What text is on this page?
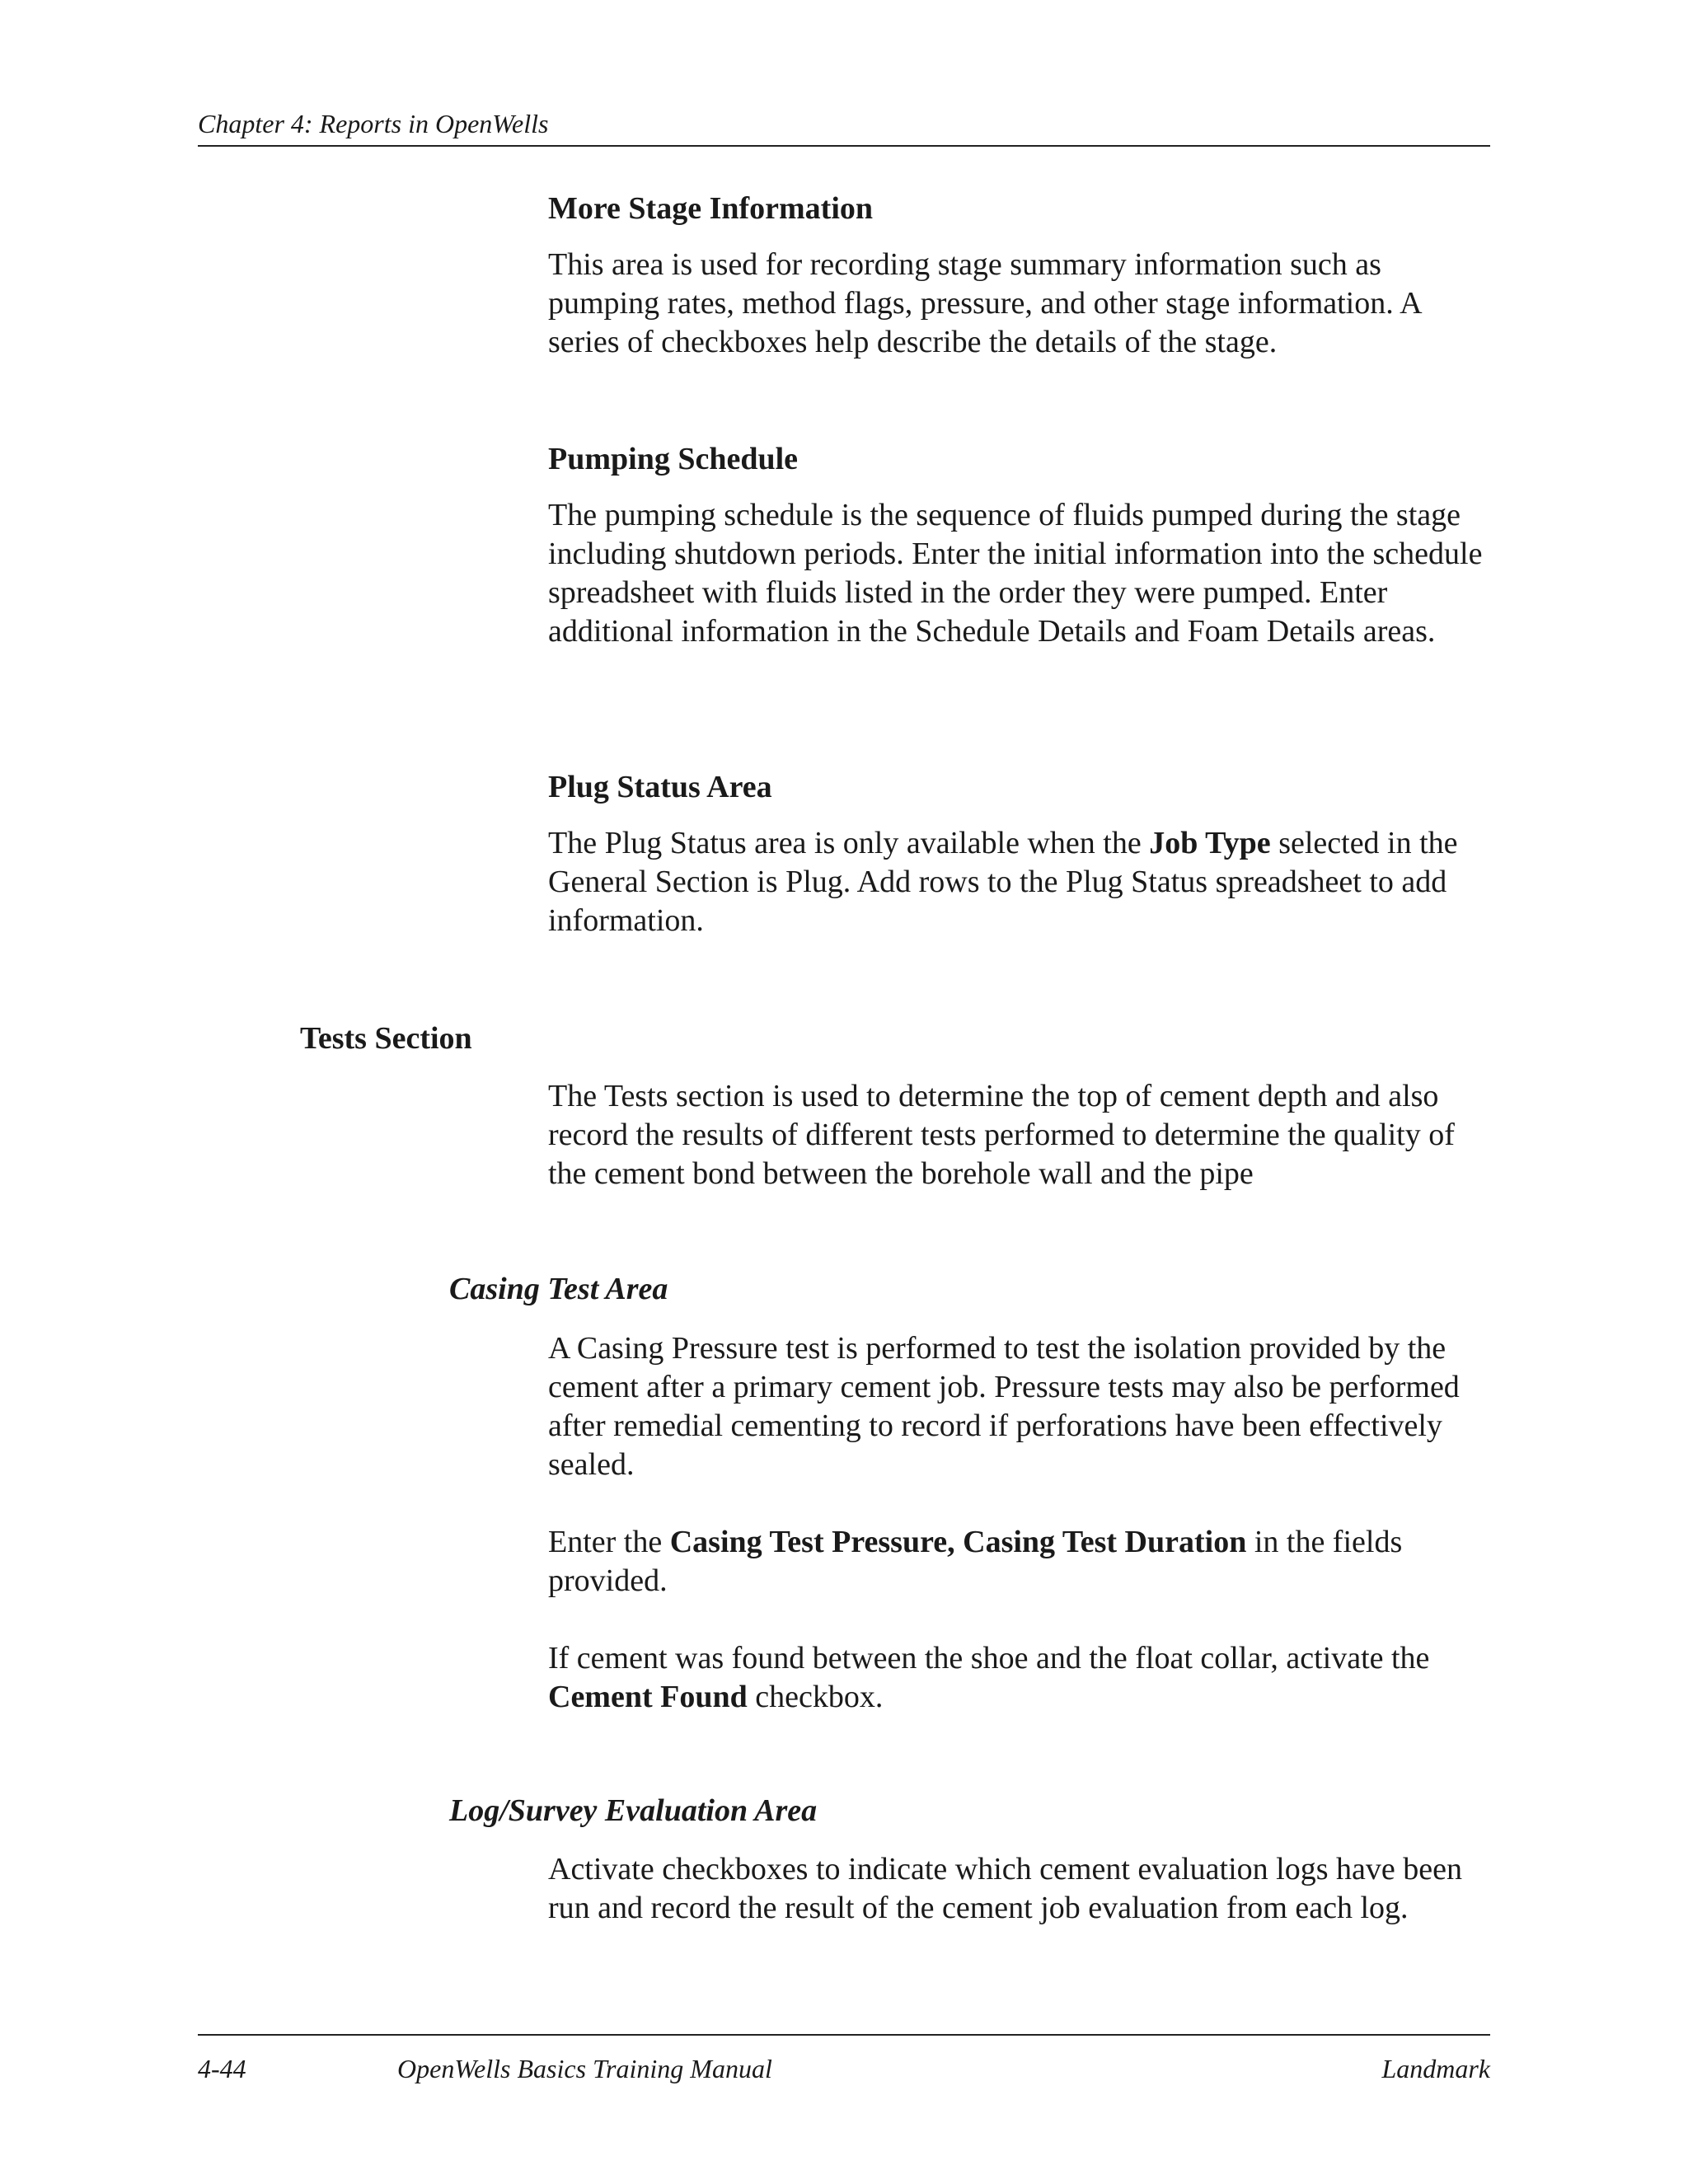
Chapter 4: Reports in OpenWells

More Stage Information

This area is used for recording stage summary information such as pumping rates, method flags, pressure, and other stage information. A series of checkboxes help describe the details of the stage.

Pumping Schedule

The pumping schedule is the sequence of fluids pumped during the stage including shutdown periods. Enter the initial information into the schedule spreadsheet with fluids listed in the order they were pumped. Enter additional information in the Schedule Details and Foam Details areas.

Plug Status Area

The Plug Status area is only available when the Job Type selected in the General Section is Plug. Add rows to the Plug Status spreadsheet to add information.

Tests Section

The Tests section is used to determine the top of cement depth and also record the results of different tests performed to determine the quality of the cement bond between the borehole wall and the pipe

Casing Test Area

A Casing Pressure test is performed to test the isolation provided by the cement after a primary cement job. Pressure tests may also be performed after remedial cementing to record if perforations have been effectively sealed.

Enter the Casing Test Pressure, Casing Test Duration in the fields provided.

If cement was found between the shoe and the float collar, activate the Cement Found checkbox.

Log/Survey Evaluation Area

Activate checkboxes to indicate which cement evaluation logs have been run and record the result of the cement job evaluation from each log.

4-44	OpenWells Basics Training Manual	Landmark
